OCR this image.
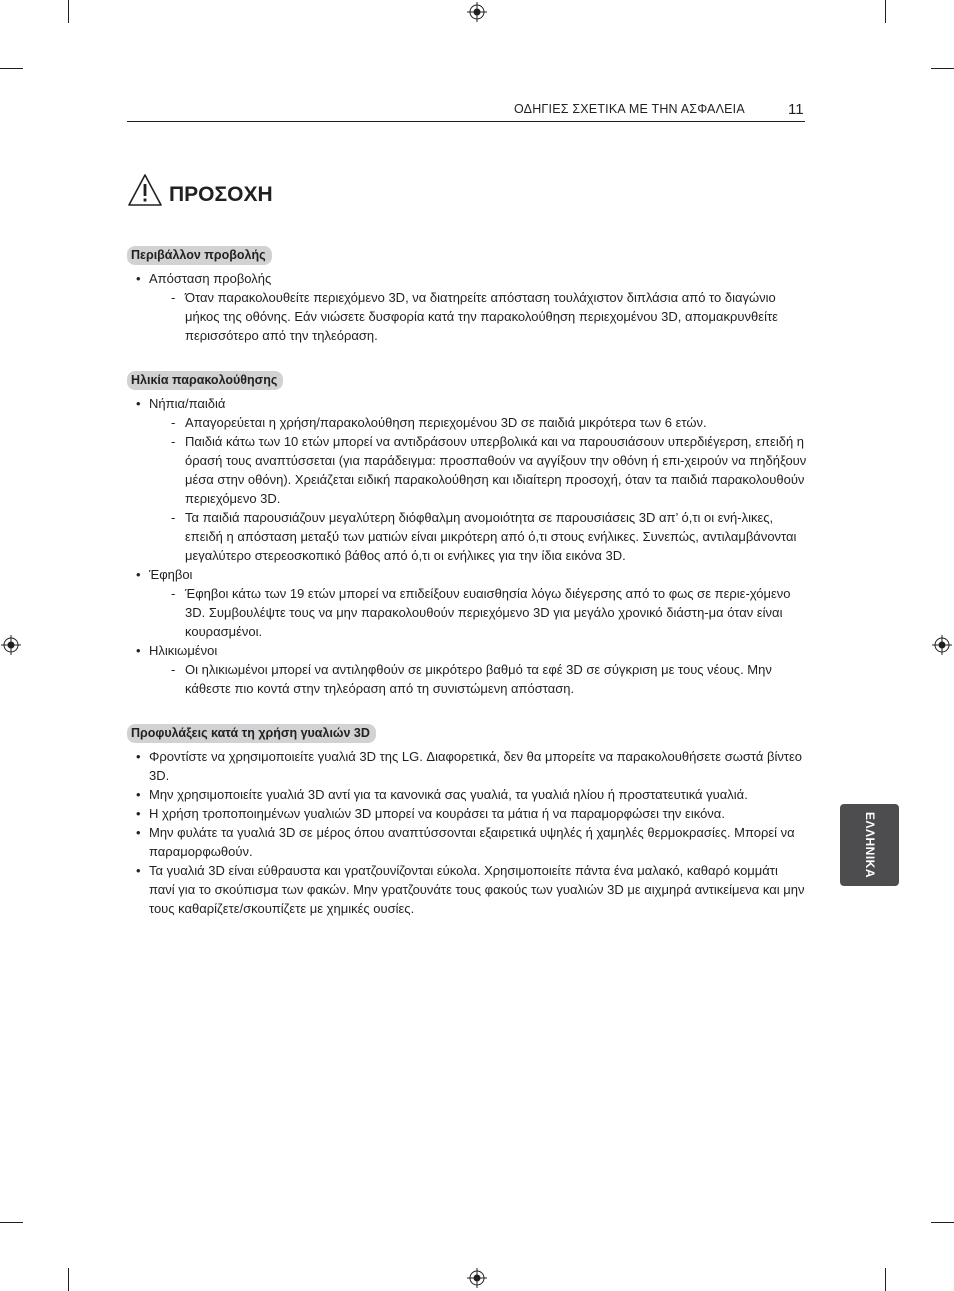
ΟΔΗΓΙΕΣ ΣΧΕΤΙΚΑ ΜΕ ΤΗΝ ΑΣΦΑΛΕΙΑ	11
ΠΡΟΣΟΧΗ
Περιβάλλον προβολής
• Απόσταση προβολής
- Όταν παρακολουθείτε περιεχόμενο 3D, να διατηρείτε απόσταση τουλάχιστον διπλάσια από το διαγώνιο μήκος της οθόνης. Εάν νιώσετε δυσφορία κατά την παρακολούθηση περιεχομένου 3D, απομακρυνθείτε περισσότερο από την τηλεόραση.
Ηλικία παρακολούθησης
• Νήπια/παιδιά
- Απαγορεύεται η χρήση/παρακολούθηση περιεχομένου 3D σε παιδιά μικρότερα των 6 ετών.
- Παιδιά κάτω των 10 ετών μπορεί να αντιδράσουν υπερβολικά και να παρουσιάσουν υπερδιέγερση, επειδή η όρασή τους αναπτύσσεται (για παράδειγμα: προσπαθούν να αγγίξουν την οθόνη ή επι-χειρούν να πηδήξουν μέσα στην οθόνη). Χρειάζεται ειδική παρακολούθηση και ιδιαίτερη προσοχή, όταν τα παιδιά παρακολουθούν περιεχόμενο 3D.
- Τα παιδιά παρουσιάζουν μεγαλύτερη διόφθαλμη ανομοιότητα σε παρουσιάσεις 3D απ’ ό,τι οι ενή-λικες, επειδή η απόσταση μεταξύ των ματιών είναι μικρότερη από ό,τι στους ενήλικες. Συνεπώς, αντιλαμβάνονται μεγαλύτερο στερεοσκοπικό βάθος από ό,τι οι ενήλικες για την ίδια εικόνα 3D.
• Έφηβοι
- Έφηβοι κάτω των 19 ετών μπορεί να επιδείξουν ευαισθησία λόγω διέγερσης από το φως σε περιε-χόμενο 3D. Συμβουλέψτε τους να μην παρακολουθούν περιεχόμενο 3D για μεγάλο χρονικό διάστη-μα όταν είναι κουρασμένοι.
• Ηλικιωμένοι
- Οι ηλικιωμένοι μπορεί να αντιληφθούν σε μικρότερο βαθμό τα εφέ 3D σε σύγκριση με τους νέους. Μην κάθεστε πιο κοντά στην τηλεόραση από τη συνιστώμενη απόσταση.
Προφυλάξεις κατά τη χρήση γυαλιών 3D
• Φροντίστε να χρησιμοποιείτε γυαλιά 3D της LG. Διαφορετικά, δεν θα μπορείτε να παρακολουθήσετε σωστά βίντεο 3D.
• Μην χρησιμοποιείτε γυαλιά 3D αντί για τα κανονικά σας γυαλιά, τα γυαλιά ηλίου ή προστατευτικά γυαλιά.
• Η χρήση τροποποιημένων γυαλιών 3D μπορεί να κουράσει τα μάτια ή να παραμορφώσει την εικόνα.
• Μην φυλάτε τα γυαλιά 3D σε μέρος όπου αναπτύσσονται εξαιρετικά υψηλές ή χαμηλές θερμοκρασίες. Μπορεί να παραμορφωθούν.
• Τα γυαλιά 3D είναι εύθραυστα και γρατζουνίζονται εύκολα. Χρησιμοποιείτε πάντα ένα μαλακό, καθαρό κομμάτι πανί για το σκούπισμα των φακών. Μην γρατζουνάτε τους φακούς των γυαλιών 3D με αιχμηρά αντικείμενα και μην τους καθαρίζετε/σκουπίζετε με χημικές ουσίες.
ΕΛΛΗΝΙΚΑ
